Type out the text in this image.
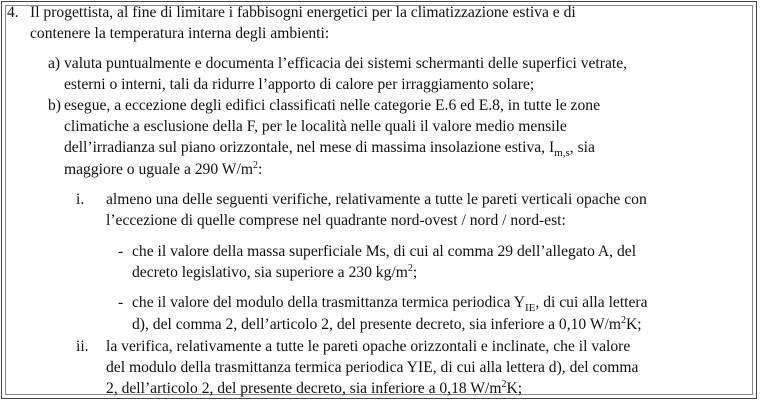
4. Il progettista, al fine di limitare i fabbisogni energetici per la climatizzazione estiva e di
contenere la temperatura interna degli ambienti:
a) valuta puntualmente e documenta l’efficacia dei sistemi schermanti delle superfici vetrate,
esterni o interni, tali da ridurre l’apporto di calore per irraggiamento solare;
b) esegue, a eccezione degli edifici classificati nelle categorie E.6 ed E.8, in tutte le zone
climatiche a esclusione della F, per le località nelle quali il valore medio mensile
dell’irradianza sul piano orizzontale, nel mese di massima insolazione estiva, $I_{m,s}$, sia
maggiore o uguale a 290 $W/m^2$:
i. almeno una delle seguenti verifiche, relativamente a tutte le pareti verticali opache con
l’eccezione di quelle comprese nel quadrante nord-ovest / nord / nord-est:
- che il valore della massa superficiale Ms, di cui al comma 29 dell’allegato A, del
decreto legislativo, sia superiore a 230 $kg/m^2$;
- che il valore del modulo della trasmittanza termica periodica $Y_{IE}$, di cui alla lettera
d), del comma 2, dell’articolo 2, del presente decreto, sia inferiore a 0,10 $W/m^2K$;
ii. la verifica, relativamente a tutte le pareti opache orizzontali e inclinate, che il valore
del modulo della trasmittanza termica periodica YIE, di cui alla lettera d), del comma
2, dell’articolo 2, del presente decreto, sia inferiore a 0,18 $W/m^2K$;
